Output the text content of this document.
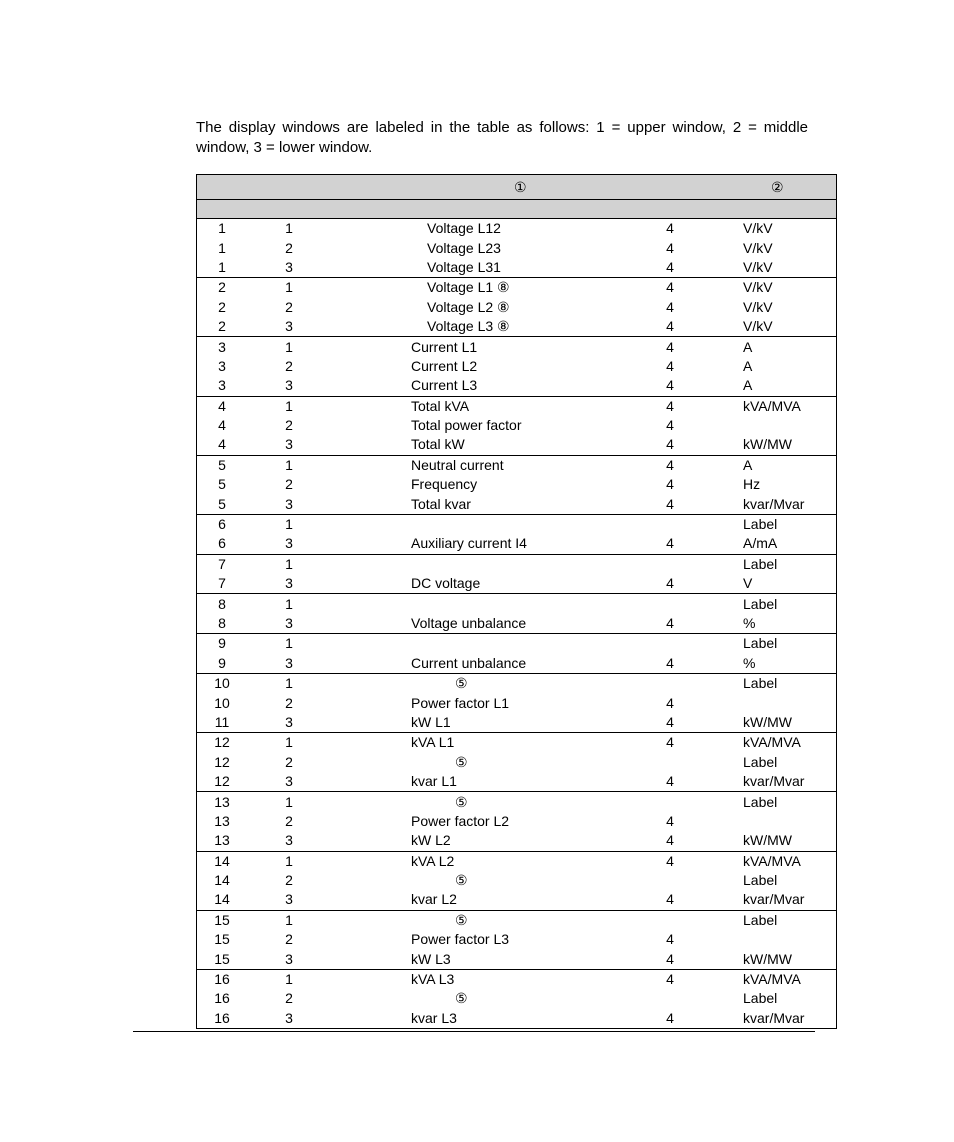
The display windows are labeled in the table as follows: 1 = upper window, 2 = middle window, 3 = lower window.

		①		②

1	1	Voltage L12	4	V/kV
1	2	Voltage L23	4	V/kV
1	3	Voltage L31	4	V/kV
2	1	Voltage L1 ⑧	4	V/kV
2	2	Voltage L2 ⑧	4	V/kV
2	3	Voltage L3 ⑧	4	V/kV
3	1	Current L1	4	A
3	2	Current L2	4	A
3	3	Current L3	4	A
4	1	Total kVA	4	kVA/MVA
4	2	Total power factor	4	
4	3	Total kW	4	kW/MW
5	1	Neutral current	4	A
5	2	Frequency	4	Hz
5	3	Total kvar	4	kvar/Mvar
6	1			Label
6	3	Auxiliary current I4	4	A/mA
7	1			Label
7	3	DC voltage	4	V
8	1			Label
8	3	Voltage unbalance	4	%
9	1			Label
9	3	Current unbalance	4	%
10	1	⑤		Label
10	2	Power factor L1	4	
11	3	kW L1	4	kW/MW
12	1	kVA L1	4	kVA/MVA
12	2	⑤		Label
12	3	kvar L1	4	kvar/Mvar
13	1	⑤		Label
13	2	Power factor L2	4	
13	3	kW L2	4	kW/MW
14	1	kVA L2	4	kVA/MVA
14	2	⑤		Label
14	3	kvar L2	4	kvar/Mvar
15	1	⑤		Label
15	2	Power factor L3	4	
15	3	kW L3	4	kW/MW
16	1	kVA L3	4	kVA/MVA
16	2	⑤		Label
16	3	kvar L3	4	kvar/Mvar
